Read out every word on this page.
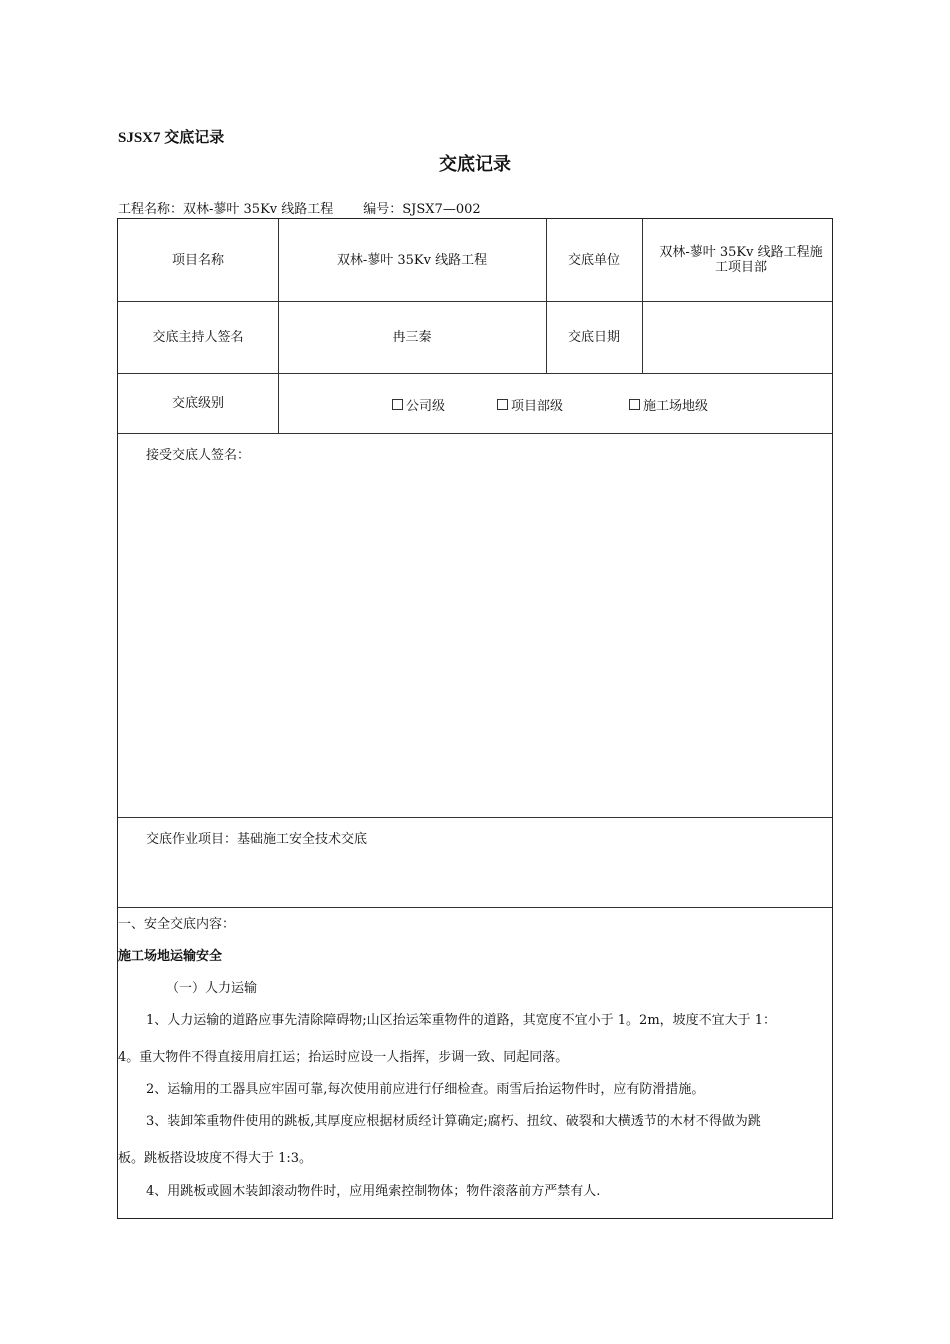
SJSX7 交底记录
交底记录
工程名称：双林-蓼叶 35Kv 线路工程 编号：SJSX7—002
项目名称	双林-蓼叶 35Kv 线路工程	交底单位	双林-蓼叶 35Kv 线路工程施工项目部
交底主持人签名	冉三秦	交底日期
交底级别	公司级	项目部级	施工场地级
接受交底人签名：
交底作业项目：基础施工安全技术交底
一、安全交底内容：
施工场地运输安全
（一）人力运输
1、人力运输的道路应事先清除障碍物;山区抬运笨重物件的道路，其宽度不宜小于 1。2m，坡度不宜大于 1：
4。重大物件不得直接用肩扛运；抬运时应设一人指挥，步调一致、同起同落。
2、运输用的工器具应牢固可靠,每次使用前应进行仔细检查。雨雪后抬运物件时，应有防滑措施。
3、装卸笨重物件使用的跳板,其厚度应根据材质经计算确定;腐朽、扭纹、破裂和大横透节的木材不得做为跳
板。跳板搭设坡度不得大于 1:3。
4、用跳板或圆木装卸滚动物件时，应用绳索控制物体；物件滚落前方严禁有人.
